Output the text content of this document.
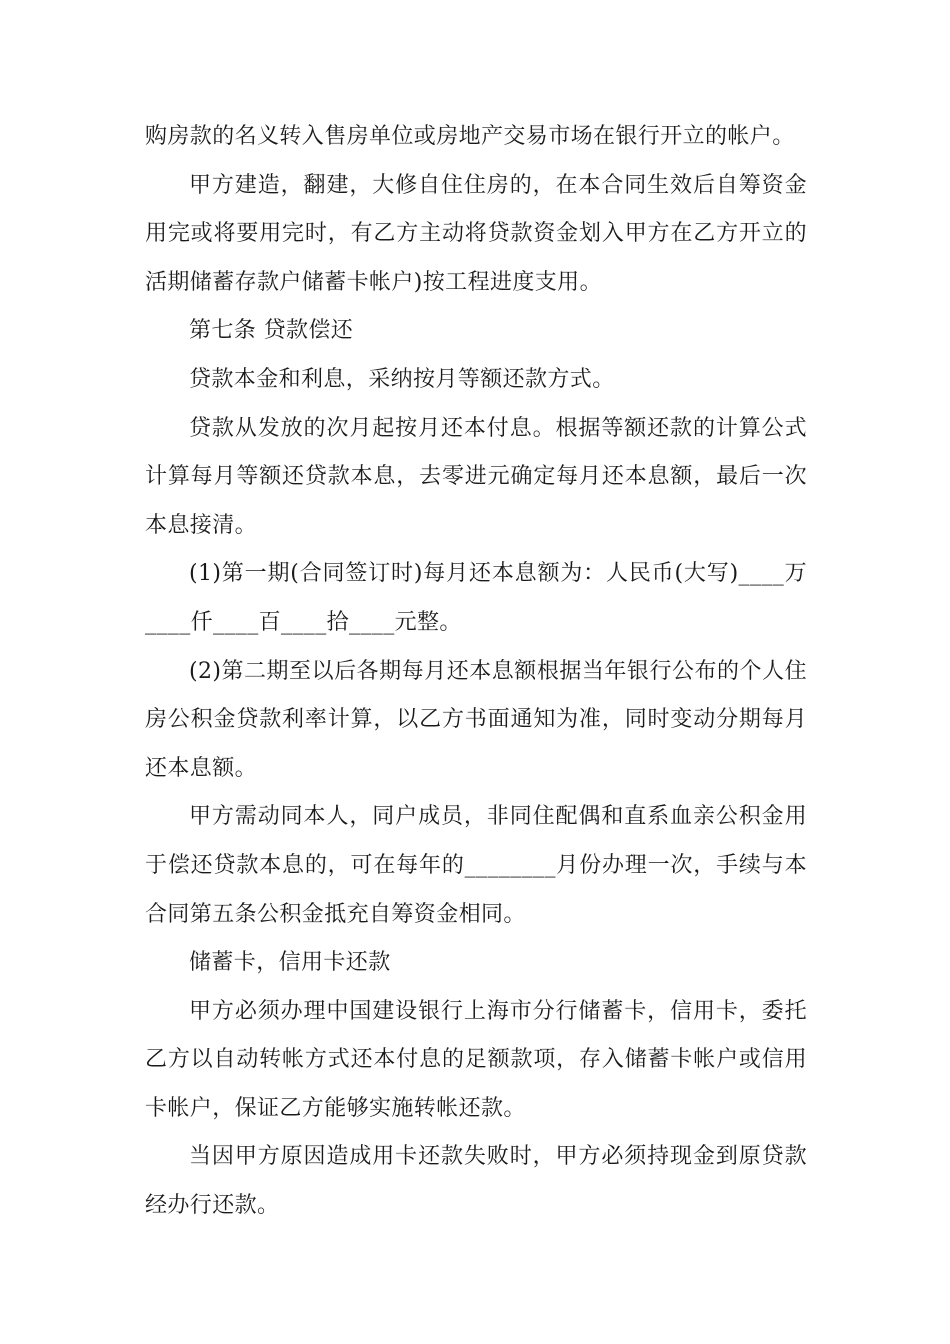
购房款的名义转入售房单位或房地产交易市场在银行开立的帐户。

甲方建造，翻建，大修自住住房的，在本合同生效后自筹资金用完或将要用完时，有乙方主动将贷款资金划入甲方在乙方开立的活期储蓄存款户储蓄卡帐户)按工程进度支用。

第七条 贷款偿还

贷款本金和利息，采纳按月等额还款方式。

贷款从发放的次月起按月还本付息。根据等额还款的计算公式计算每月等额还贷款本息，去零进元确定每月还本息额，最后一次本息接清。

(1)第一期(合同签订时)每月还本息额为：人民币(大写)____万____仟____百____拾____元整。

(2)第二期至以后各期每月还本息额根据当年银行公布的个人住房公积金贷款利率计算，以乙方书面通知为准，同时变动分期每月还本息额。

甲方需动同本人，同户成员，非同住配偶和直系血亲公积金用于偿还贷款本息的，可在每年的________月份办理一次，手续与本合同第五条公积金抵充自筹资金相同。

储蓄卡，信用卡还款

甲方必须办理中国建设银行上海市分行储蓄卡，信用卡，委托乙方以自动转帐方式还本付息的足额款项，存入储蓄卡帐户或信用卡帐户，保证乙方能够实施转帐还款。

当因甲方原因造成用卡还款失败时，甲方必须持现金到原贷款经办行还款。
